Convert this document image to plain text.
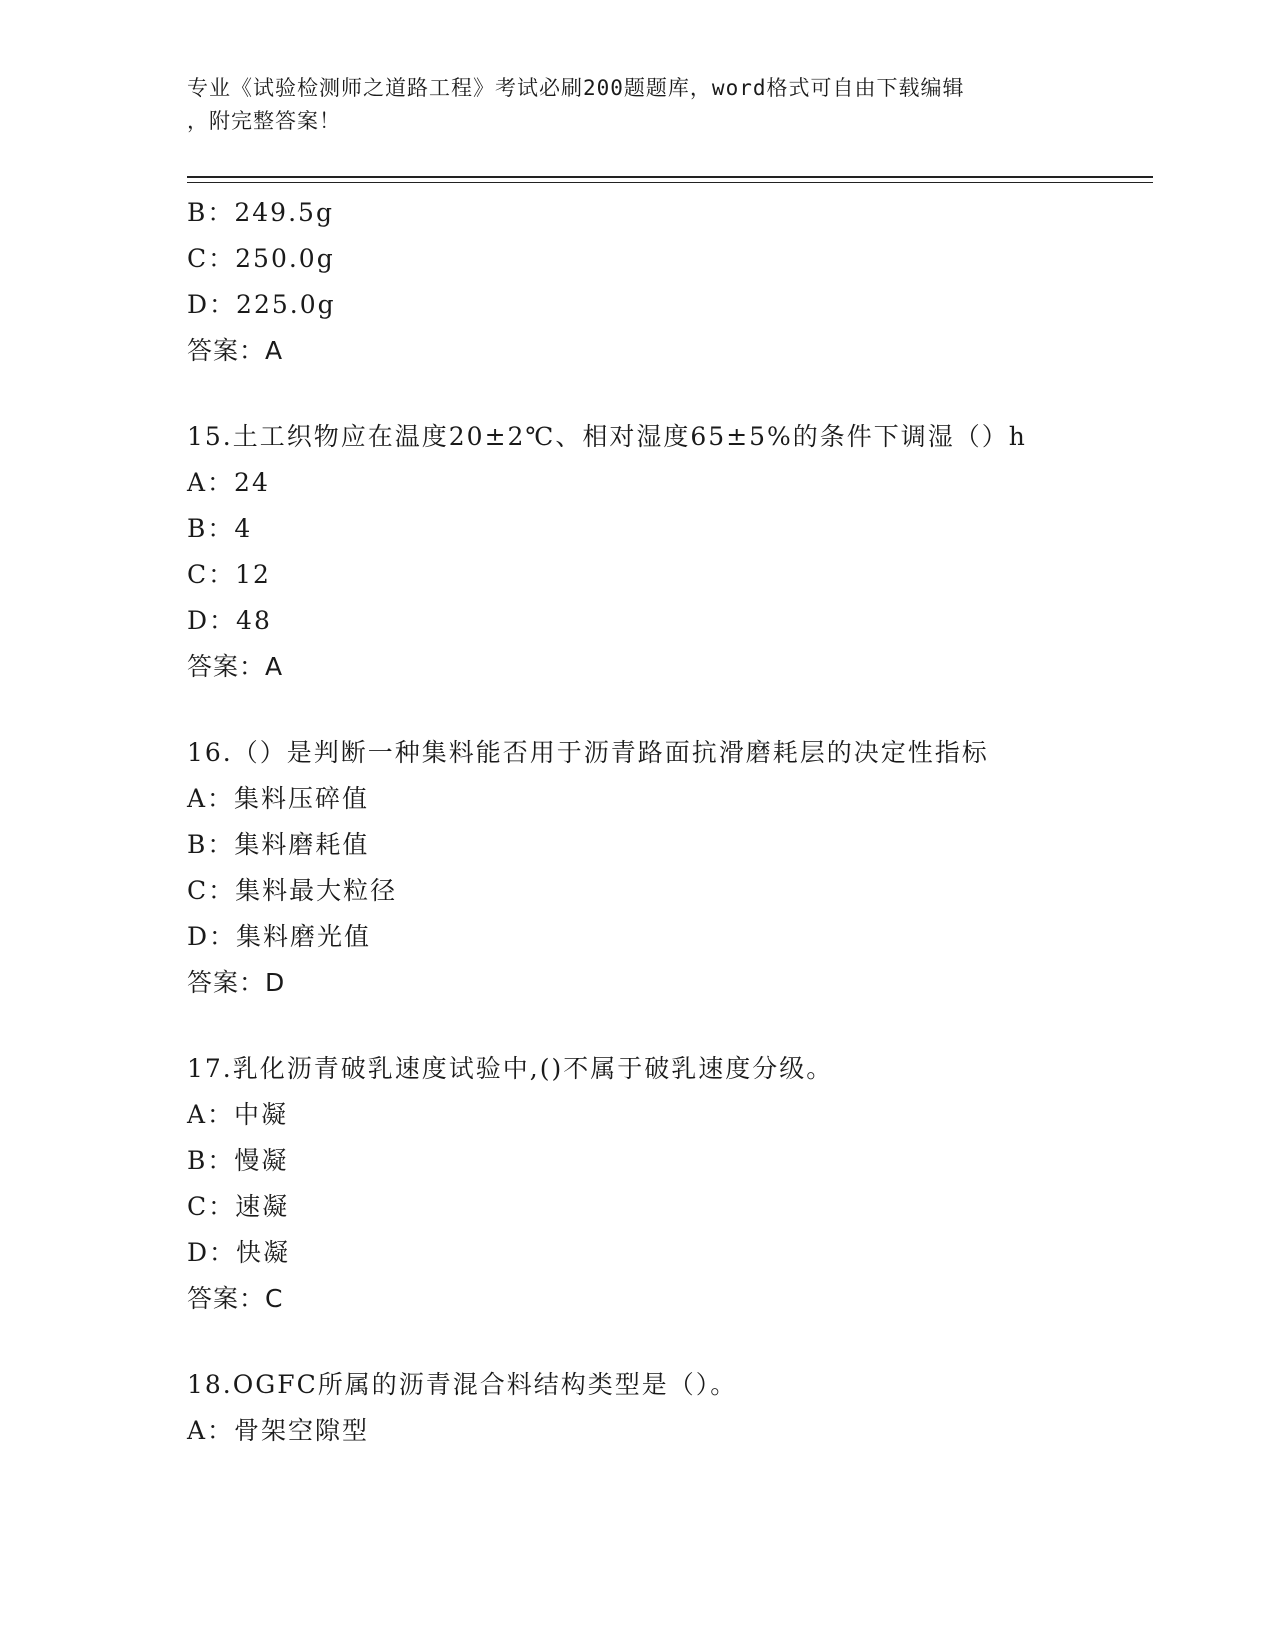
专业《试验检测师之道路工程》考试必刷200题题库，word格式可自由下载编辑
，附完整答案！
B：249.5g
C：250.0g
D：225.0g
答案：A
15.土工织物应在温度20±2℃、相对湿度65±5%的条件下调湿（）h
A：24
B：4
C：12
D：48
答案：A
16.（）是判断一种集料能否用于沥青路面抗滑磨耗层的决定性指标
A：集料压碎值
B：集料磨耗值
C：集料最大粒径
D：集料磨光值
答案：D
17.乳化沥青破乳速度试验中,()不属于破乳速度分级。
A：中凝
B：慢凝
C：速凝
D：快凝
答案：C
18.OGFC所属的沥青混合料结构类型是（）。
A：骨架空隙型
